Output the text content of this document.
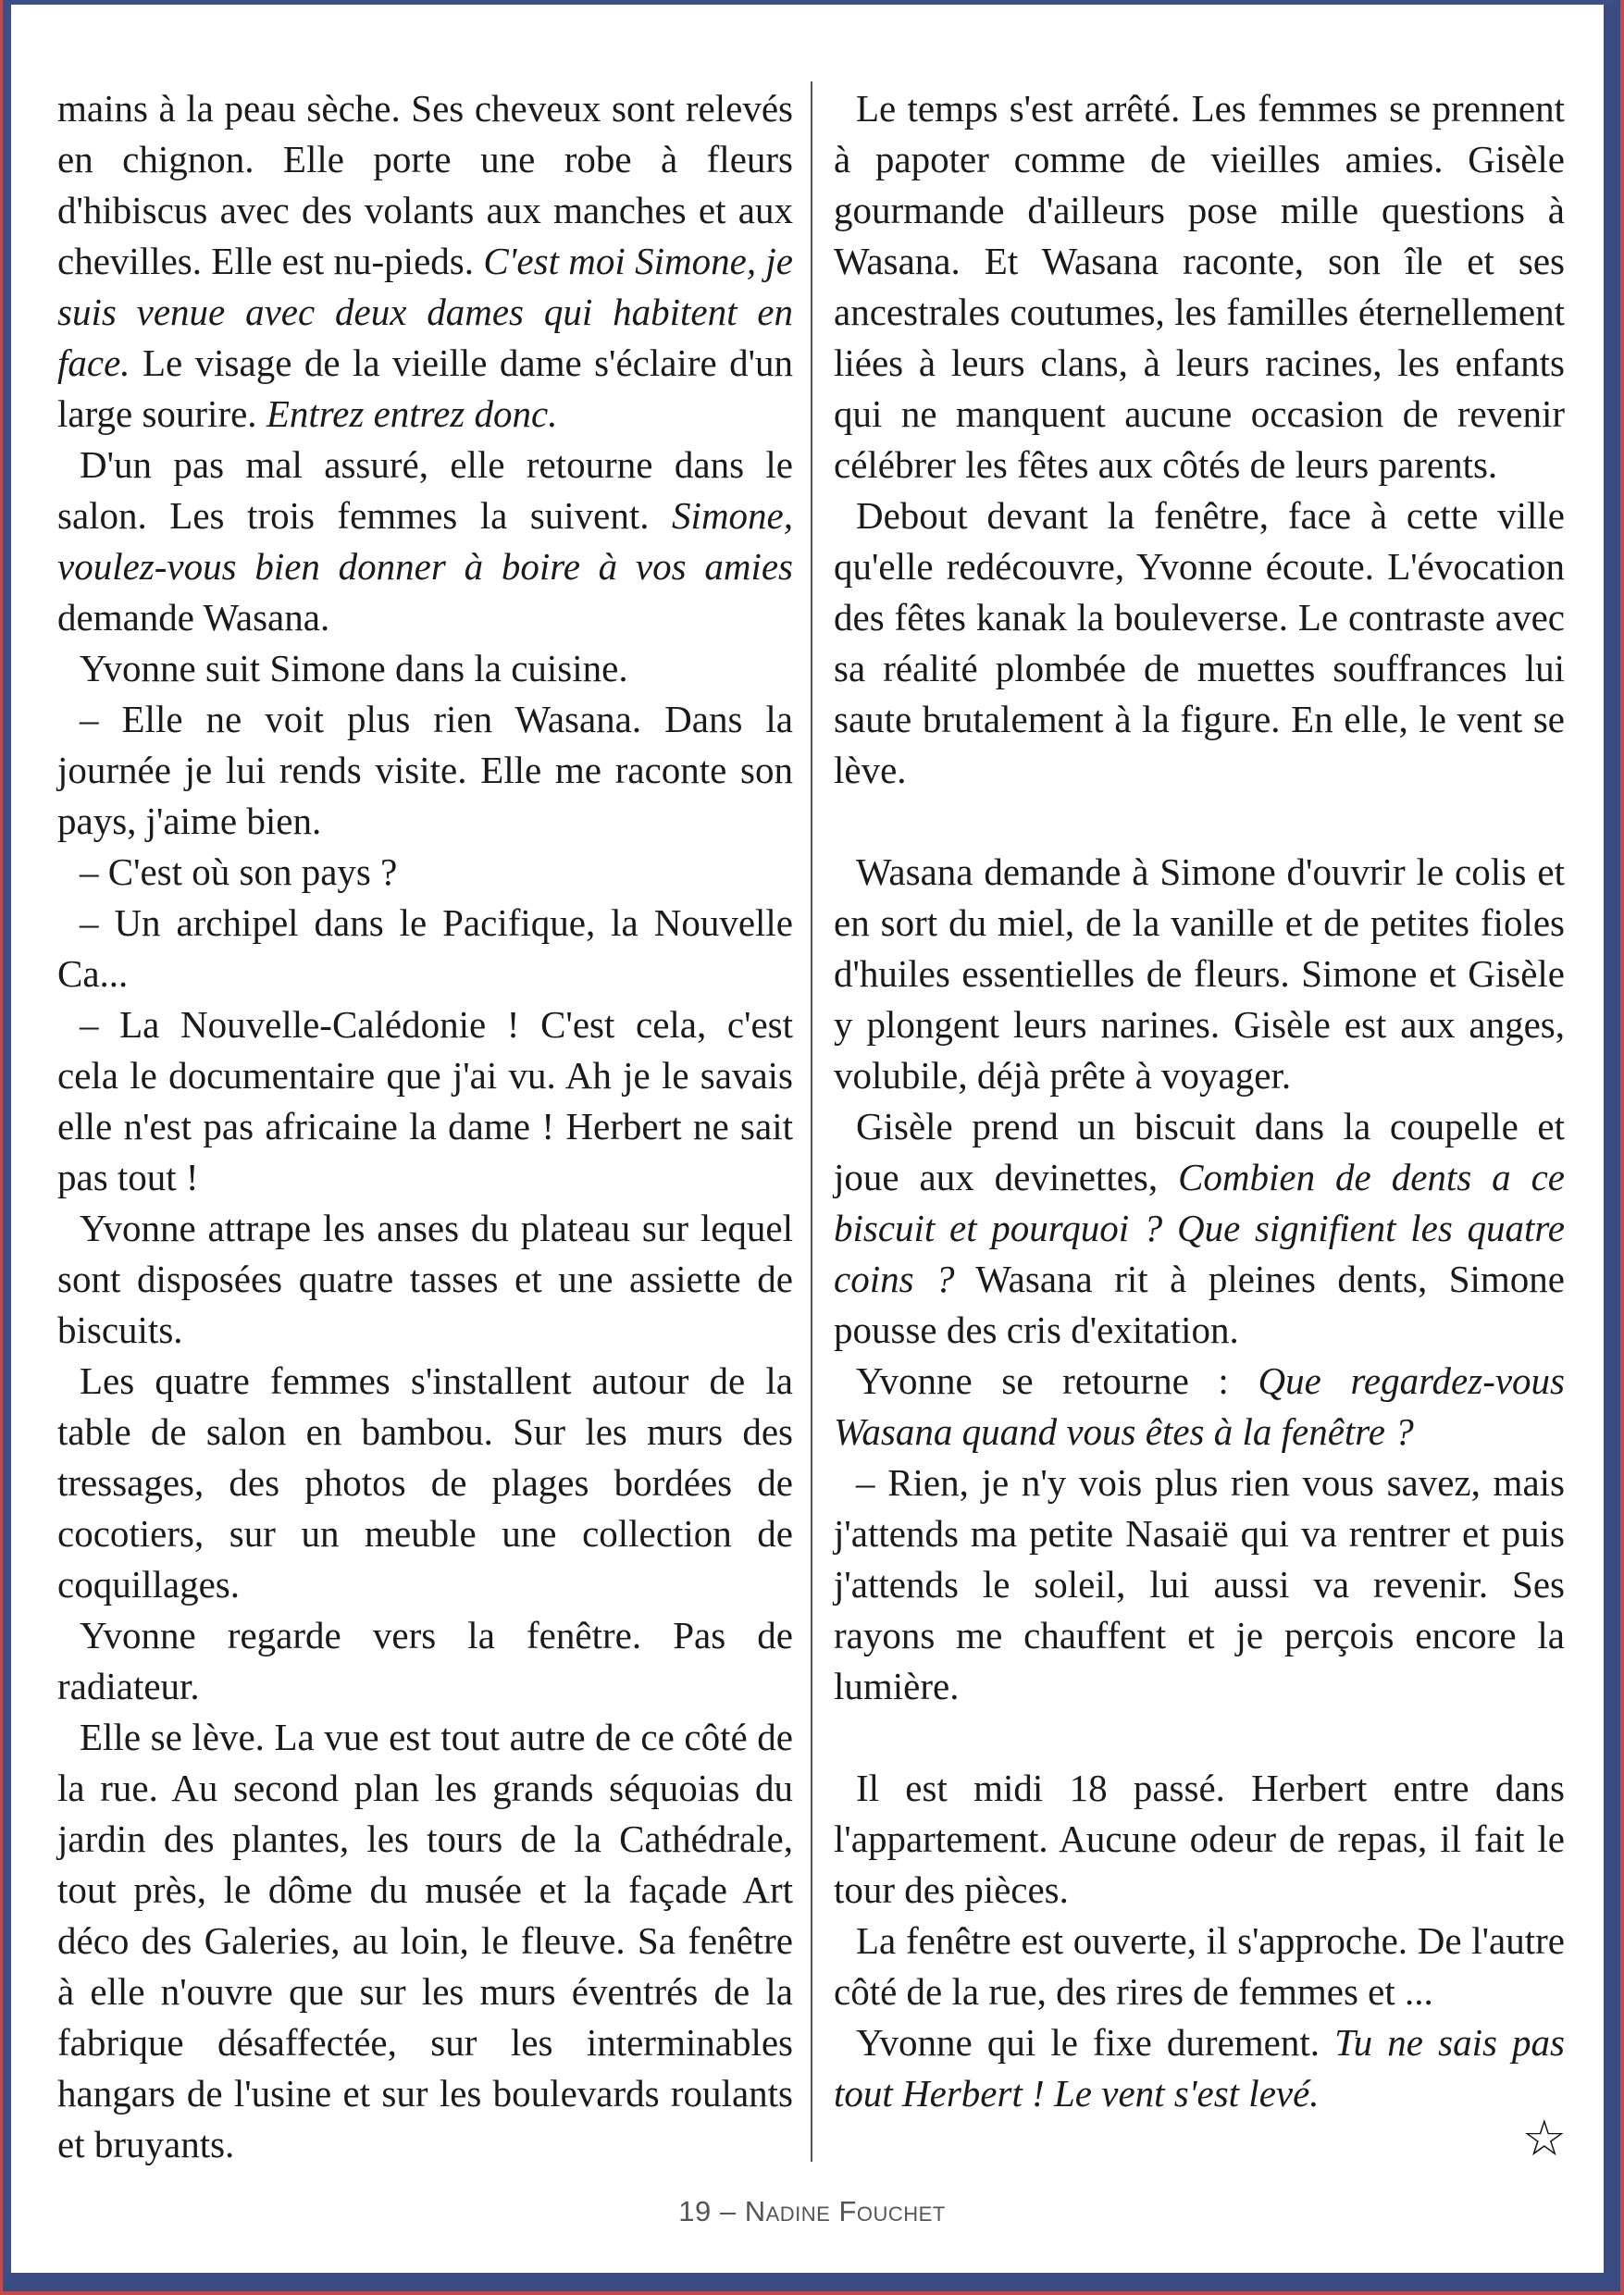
mains à la peau sèche. Ses cheveux sont relevés en chignon. Elle porte une robe à fleurs d'hibiscus avec des volants aux manches et aux chevilles. Elle est nu-pieds. C'est moi Simone, je suis venue avec deux dames qui habitent en face. Le visage de la vieille dame s'éclaire d'un large sourire. Entrez entrez donc.

D'un pas mal assuré, elle retourne dans le salon. Les trois femmes la suivent. Simone, voulez-vous bien donner à boire à vos amies demande Wasana.

Yvonne suit Simone dans la cuisine.

– Elle ne voit plus rien Wasana. Dans la journée je lui rends visite. Elle me raconte son pays, j'aime bien.

– C'est où son pays ?

– Un archipel dans le Pacifique, la Nouvelle Ca...

– La Nouvelle-Calédonie ! C'est cela, c'est cela le documentaire que j'ai vu. Ah je le savais elle n'est pas africaine la dame ! Herbert ne sait pas tout !

Yvonne attrape les anses du plateau sur lequel sont disposées quatre tasses et une assiette de biscuits.

Les quatre femmes s'installent autour de la table de salon en bambou. Sur les murs des tressages, des photos de plages bordées de cocotiers, sur un meuble une collection de coquillages.

Yvonne regarde vers la fenêtre. Pas de radiateur.

Elle se lève. La vue est tout autre de ce côté de la rue. Au second plan les grands séquoias du jardin des plantes, les tours de la Cathédrale, tout près, le dôme du musée et la façade Art déco des Galeries, au loin, le fleuve. Sa fenêtre à elle n'ouvre que sur les murs éventrés de la fabrique désaffectée, sur les interminables hangars de l'usine et sur les boulevards roulants et bruyants.

Le temps s'est arrêté. Les femmes se prennent à papoter comme de vieilles amies. Gisèle gourmande d'ailleurs pose mille questions à Wasana. Et Wasana raconte, son île et ses ancestrales coutumes, les familles éternellement liées à leurs clans, à leurs racines, les enfants qui ne manquent aucune occasion de revenir célébrer les fêtes aux côtés de leurs parents.

Debout devant la fenêtre, face à cette ville qu'elle redécouvre, Yvonne écoute. L'évocation des fêtes kanak la bouleverse. Le contraste avec sa réalité plombée de muettes souffrances lui saute brutalement à la figure. En elle, le vent se lève.

Wasana demande à Simone d'ouvrir le colis et en sort du miel, de la vanille et de petites fioles d'huiles essentielles de fleurs. Simone et Gisèle y plongent leurs narines. Gisèle est aux anges, volubile, déjà prête à voyager.

Gisèle prend un biscuit dans la coupelle et joue aux devinettes, Combien de dents a ce biscuit et pourquoi ? Que signifient les quatre coins ? Wasana rit à pleines dents, Simone pousse des cris d'exitation.

Yvonne se retourne : Que regardez-vous Wasana quand vous êtes à la fenêtre ?

– Rien, je n'y vois plus rien vous savez, mais j'attends ma petite Nasaië qui va rentrer et puis j'attends le soleil, lui aussi va revenir. Ses rayons me chauffent et je perçois encore la lumière.

Il est midi 18 passé. Herbert entre dans l'appartement. Aucune odeur de repas, il fait le tour des pièces.

La fenêtre est ouverte, il s'approche. De l'autre côté de la rue, des rires de femmes et ...

Yvonne qui le fixe durement. Tu ne sais pas tout Herbert ! Le vent s'est levé.

☆
19 – Nadine Fouchet
